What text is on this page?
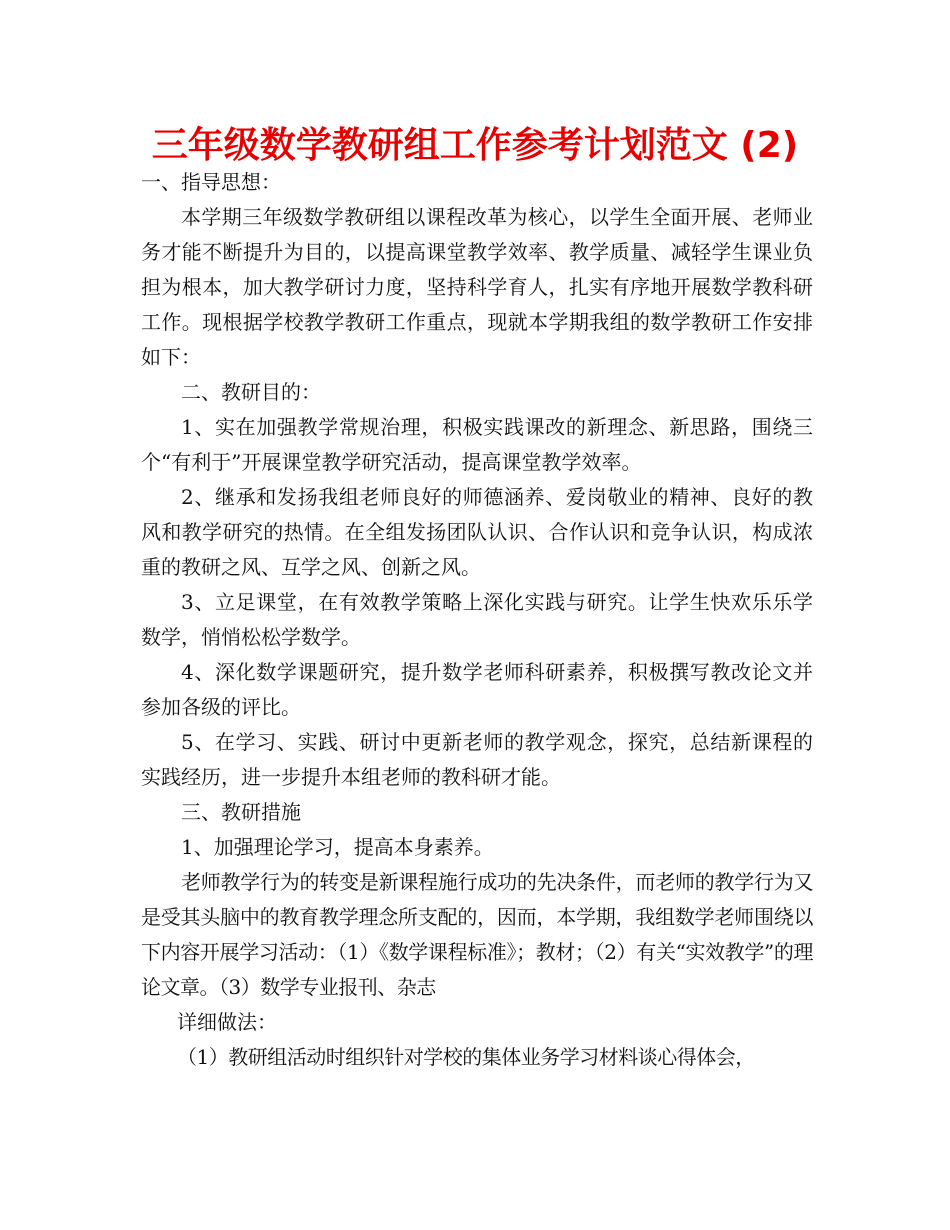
三年级数学教研组工作参考计划范文 (2)

一、指导思想：

本学期三年级数学教研组以课程改革为核心，以学生全面开展、老师业务才能不断提升为目的，以提高课堂教学效率、教学质量、减轻学生课业负担为根本，加大教学研讨力度，坚持科学育人，扎实有序地开展数学教科研工作。现根据学校教学教研工作重点，现就本学期我组的数学教研工作安排如下：

二、教研目的：

1、实在加强教学常规治理，积极实践课改的新理念、新思路，围绕三个“有利于”开展课堂教学研究活动，提高课堂教学效率。

2、继承和发扬我组老师良好的师德涵养、爱岗敬业的精神、良好的教风和教学研究的热情。在全组发扬团队认识、合作认识和竞争认识，构成浓重的教研之风、互学之风、创新之风。

3、立足课堂，在有效教学策略上深化实践与研究。让学生快欢乐乐学数学，悄悄松松学数学。

4、深化数学课题研究，提升数学老师科研素养，积极撰写教改论文并参加各级的评比。

5、在学习、实践、研讨中更新老师的教学观念，探究，总结新课程的实践经历，进一步提升本组老师的教科研才能。

三、教研措施

1、加强理论学习，提高本身素养。

老师教学行为的转变是新课程施行成功的先决条件，而老师的教学行为又是受其头脑中的教育教学理念所支配的，因而，本学期，我组数学老师围绕以下内容开展学习活动：（1）《数学课程标准》；教材；（2）有关“实效教学”的理论文章。（3）数学专业报刊、杂志

详细做法：

（1）教研组活动时组织针对学校的集体业务学习材料谈心得体会，
